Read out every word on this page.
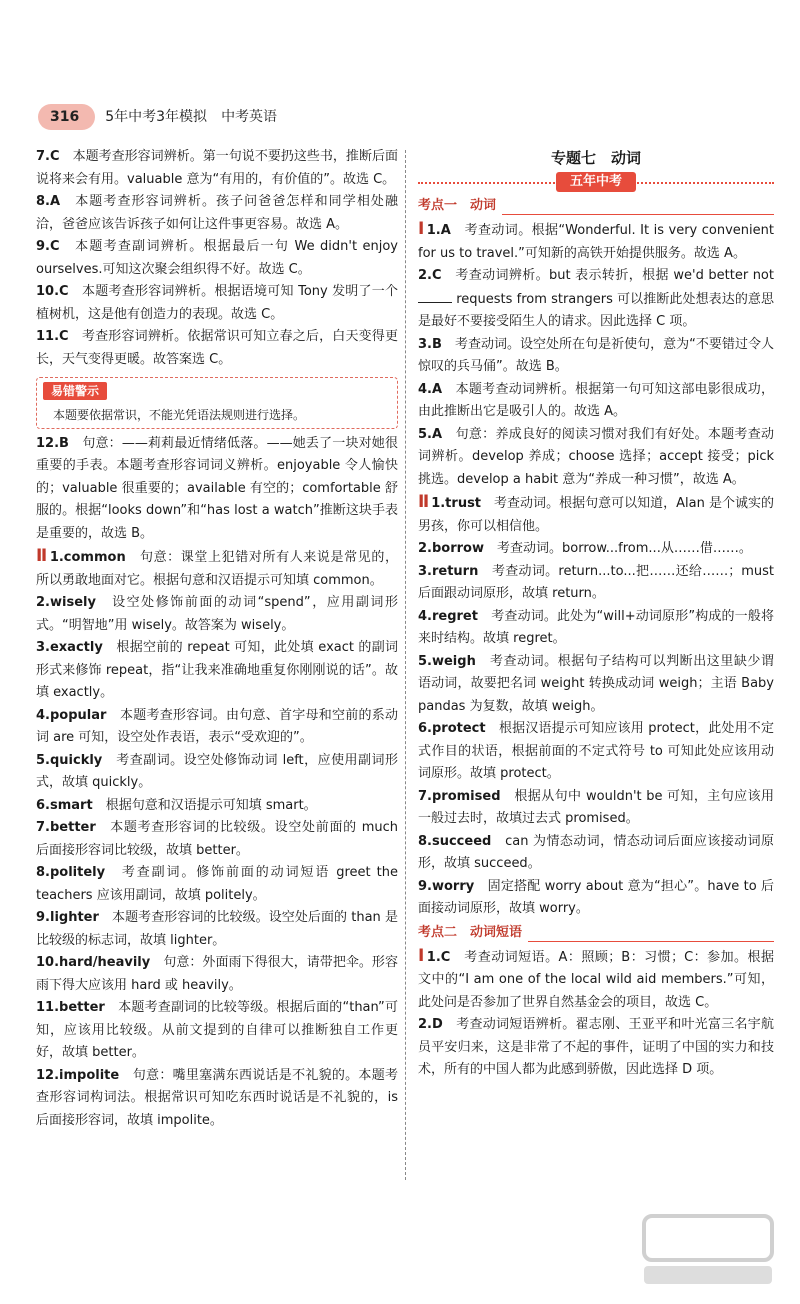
316	5年中考3年模拟 中考英语

7.C　 本题考查形容词辨析。第一句说不要扔这些书，推断后面说将来会有用。valuable 意为“有用的，有价值的”。故选 C。

8.A　 本题考查形容词辨析。孩子问爸爸怎样和同学相处融洽，爸爸应该告诉孩子如何让这件事更容易。故选 A。

9.C　 本题考查副词辨析。根据最后一句 We didn't enjoy ourselves.可知这次聚会组织得不好。故选 C。

10.C　 本题考查形容词辨析。根据语境可知 Tony 发明了一个植树机，这是他有创造力的表现。故选 C。

11.C　 考查形容词辨析。依据常识可知立春之后，白天变得更长，天气变得更暖。故答案选 C。

易错警示
本题要依据常识，不能光凭语法规则进行选择。

12.B　 句意：——莉莉最近情绪低落。——她丢了一块对她很重要的手表。本题考查形容词词义辨析。enjoyable 令人愉快的；valuable 很重要的；available 有空的；comfortable 舒服的。根据“looks down”和“has lost a watch”推断这块手表是重要的，故选 B。

Ⅱ 1.common　 句意：课堂上犯错对所有人来说是常见的，所以勇敢地面对它。根据句意和汉语提示可知填 common。

2.wisely　 设空处修饰前面的动词“spend”，应用副词形式。“明智地”用 wisely。故答案为 wisely。

3.exactly　 根据空前的 repeat 可知，此处填 exact 的副词形式来修饰 repeat，指“让我来准确地重复你刚刚说的话”。故填 exactly。

4.popular　 本题考查形容词。由句意、首字母和空前的系动词 are 可知，设空处作表语，表示“受欢迎的”。

5.quickly　 考查副词。设空处修饰动词 left，应使用副词形式，故填 quickly。

6.smart　 根据句意和汉语提示可知填 smart。

7.better　 本题考查形容词的比较级。设空处前面的 much 后面接形容词比较级，故填 better。

8.politely　 考查副词。修饰前面的动词短语 greet the teachers 应该用副词，故填 politely。

9.lighter　 本题考查形容词的比较级。设空处后面的 than 是比较级的标志词，故填 lighter。

10.hard/heavily　 句意：外面雨下得很大，请带把伞。形容雨下得大应该用 hard 或 heavily。

11.better　 本题考查副词的比较等级。根据后面的“than”可知，应该用比较级。从前文提到的自律可以推断独自工作更好，故填 better。

12.impolite　 句意：嘴里塞满东西说话是不礼貌的。本题考查形容词构词法。根据常识可知吃东西时说话是不礼貌的，is 后面接形容词，故填 impolite。

专题七　动词
五年中考
考点一　动词

Ⅰ 1.A　 考查动词。根据“Wonderful. It is very convenient for us to travel.”可知新的高铁开始提供服务。故选 A。

2.C　 考查动词辨析。but 表示转折，根据 we'd better not  requests from strangers 可以推断此处想表达的意思是最好不要接受陌生人的请求。因此选择 C 项。

3.B　 考查动词。设空处所在句是祈使句，意为“不要错过令人惊叹的兵马俑”。故选 B。

4.A　 本题考查动词辨析。根据第一句可知这部电影很成功，由此推断出它是吸引人的。故选 A。

5.A　 句意：养成良好的阅读习惯对我们有好处。本题考查动词辨析。develop 养成；choose 选择；accept 接受；pick 挑选。develop a habit 意为“养成一种习惯”，故选 A。

Ⅱ 1.trust　 考查动词。根据句意可以知道，Alan 是个诚实的男孩，你可以相信他。

2.borrow　 考查动词。borrow...from...从……借……。

3.return　 考查动词。return...to...把……还给……；must 后面跟动词原形，故填 return。

4.regret　 考查动词。此处为“will+动词原形”构成的一般将来时结构。故填 regret。

5.weigh　 考查动词。根据句子结构可以判断出这里缺少谓语动词，故要把名词 weight 转换成动词 weigh；主语 Baby pandas 为复数，故填 weigh。

6.protect　 根据汉语提示可知应该用 protect，此处用不定式作目的状语，根据前面的不定式符号 to 可知此处应该用动词原形。故填 protect。

7.promised　 根据从句中 wouldn't be 可知，主句应该用一般过去时，故填过去式 promised。

8.succeed　 can 为情态动词，情态动词后面应该接动词原形，故填 succeed。

9.worry　 固定搭配 worry about 意为“担心”。have to 后面接动词原形，故填 worry。

考点二　动词短语

Ⅰ 1.C　 考查动词短语。A：照顾；B：习惯；C：参加。根据文中的“I am one of the local wild aid members.”可知，此处问是否参加了世界自然基金会的项目，故选 C。

2.D　 考查动词短语辨析。翟志刚、王亚平和叶光富三名宇航员平安归来，这是非常了不起的事件，证明了中国的实力和技术，所有的中国人都为此感到骄傲，因此选择 D 项。
